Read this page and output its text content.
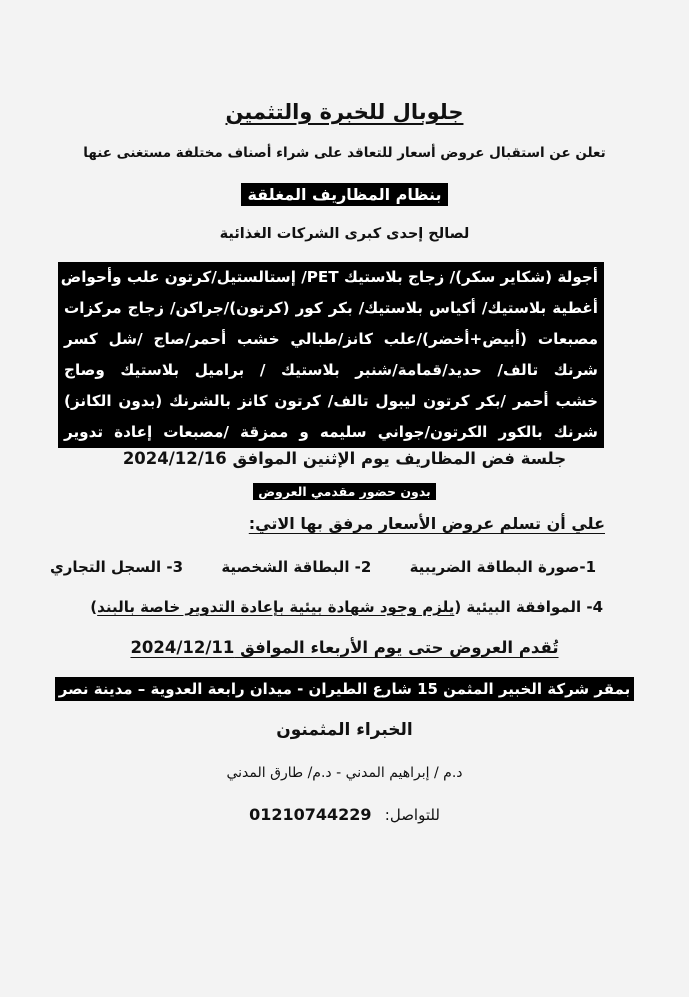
جلوبال للخبرة والتثمين
تعلن عن استقبال عروض أسعار للتعاقد على شراء أصناف مختلفة مستغنى عنها
بنظام المظاريف المغلقة
لصالح إحدى كبرى الشركات الغذائية
أجولة (شكاير سكر)/ زجاج بلاستيك PET/ إستالستيل/كرتون علب وأحواض
أغطية بلاستيك/ أكياس بلاستيك/ بكر كور (كرتون)/جراكن/ زجاج مركزات
مصبعات (أبيض+أخضر)/علب كانز/طبالي خشب أحمر/صاج /شل كسر
شرنك تالف/ حديد/قمامة/شنبر بلاستيك / براميل بلاستيك وصاج
خشب أحمر /بكر كرتون ليبول تالف/ كرتون كانز بالشرنك (بدون الكانز)
شرنك بالكور الكرتون/جواني سليمه و ممزقة /مصبعات إعادة تدوير
جلسة فض المظاريف يوم الإثنين الموافق 2024/12/16
بدون حضور مقدمي العروض
علي أن تسلم عروض الأسعار مرفق بها الاتي:
1-صورة البطاقة الضريبية
2- البطاقة الشخصية
3- السجل التجاري
4- الموافقة البيئية (يلزم وجود شهادة بيئية بإعادة التدوير خاصة بالبند)
تُقدم العروض حتى يوم الأربعاء الموافق 2024/12/11
بمقر شركة الخبير المثمن 15 شارع الطيران - ميدان رابعة العدوية – مدينة نصر
الخبراء المثمنون
د.م / إبراهيم المدني - د.م/ طارق المدني
للتواصل: 01210744229
